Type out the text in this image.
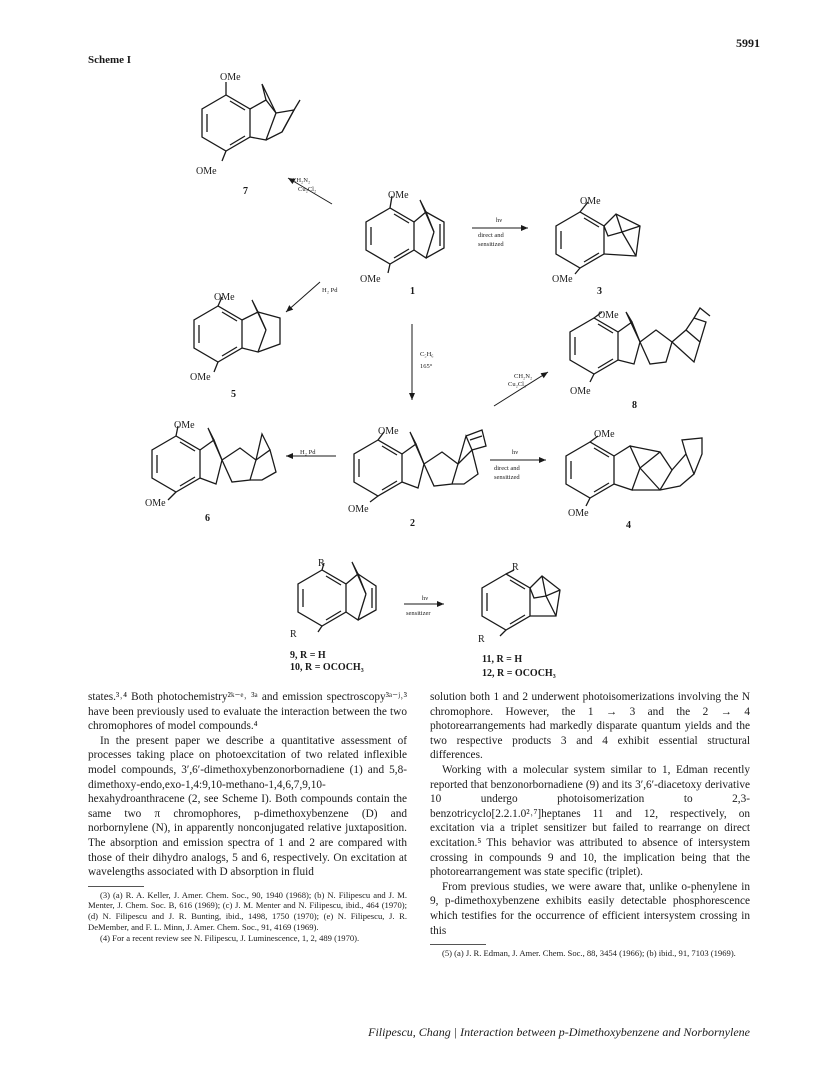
5991
Scheme I
OMe
OMe
7	OMe
OMe
1
OMe
OMe
3
OMe
OMe
5
OMe
OMe
8
OMe
OMe
6
OMe
OMe
2
OMe
OMe
4
R
R
9, R = H
10, R = OCOCH₃
R
R
11, R = H
12, R = OCOCH₃
CH₂N₂
Cu₂Cl₂
hν
direct and
sensitized
H₂ Pd
C₅H₆
165°
CH₂N₂
Cu₂Cl₂
H₂ Pd	hν
direct and
sensitized
hν
sensitizer

states.³˒⁴ Both photochemistry²ᵏ⁻ᵉ˒ ³ᵃ and emission spectroscopy³ᵃ⁻ʲ˒³ have been previously used to evaluate the interaction between the two chromophores of model compounds.⁴

In the present paper we describe a quantitative assessment of processes taking place on photoexcitation of two related inflexible model compounds, 3′,6′-dimethoxybenzonorbornadiene (1) and 5,8-dimethoxy-endo,exo-1,4:9,10-methano-1,4,6,7,9,10-hexahydroanthracene (2, see Scheme I). Both compounds contain the same two π chromophores, p-dimethoxybenzene (D) and norbornylene (N), in apparently nonconjugated relative juxtaposition. The absorption and emission spectra of 1 and 2 are compared with those of their dihydro analogs, 5 and 6, respectively. On excitation at wavelengths associated with D absorption in fluid

(3) (a) R. A. Keller, J. Amer. Chem. Soc., 90, 1940 (1968); (b) N. Filipescu and J. M. Menter, J. Chem. Soc. B, 616 (1969); (c) J. M. Menter and N. Filipescu, ibid., 464 (1970); (d) N. Filipescu and J. R. Bunting, ibid., 1498, 1750 (1970); (e) N. Filipescu, J. R. DeMember, and F. L. Minn, J. Amer. Chem. Soc., 91, 4169 (1969).

(4) For a recent review see N. Filipescu, J. Luminescence, 1, 2, 489 (1970).

solution both 1 and 2 underwent photoisomerizations involving the N chromophore. However, the 1 → 3 and the 2 → 4 photorearrangements had markedly disparate quantum yields and the two respective products 3 and 4 exhibit essential structural differences.

Working with a molecular system similar to 1, Edman recently reported that benzonorbornadiene (9) and its 3′,6′-diacetoxy derivative 10 undergo photoisomerization to 2,3-benzotricyclo[2.2.1.0²˒⁷]heptanes 11 and 12, respectively, on excitation via a triplet sensitizer but failed to rearrange on direct excitation.⁵ This behavior was attributed to absence of intersystem crossing in compounds 9 and 10, the implication being that the photorearrangement was state specific (triplet).

From previous studies, we were aware that, unlike o-phenylene in 9, p-dimethoxybenzene exhibits easily detectable phosphorescence which testifies for the occurrence of efficient intersystem crossing in this

(5) (a) J. R. Edman, J. Amer. Chem. Soc., 88, 3454 (1966); (b) ibid., 91, 7103 (1969).

Filipescu, Chang | Interaction between p-Dimethoxybenzene and Norbornylene
